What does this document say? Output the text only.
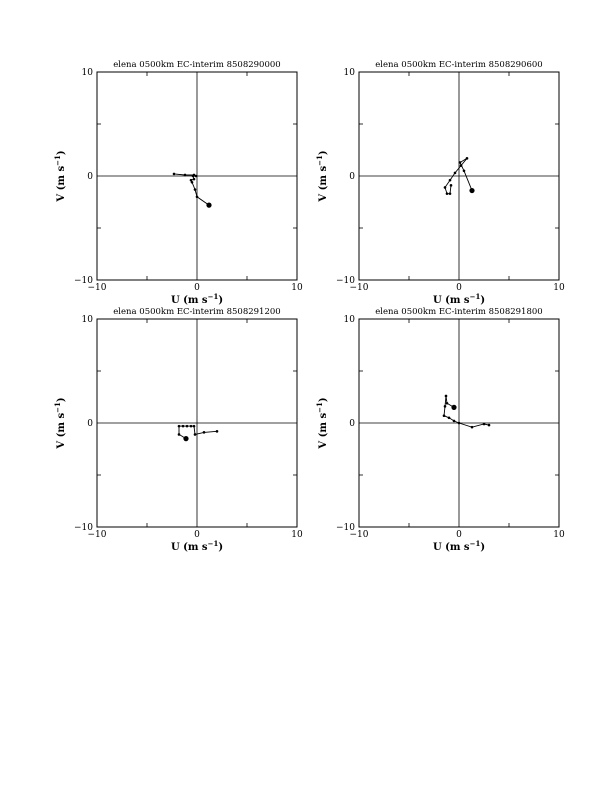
elena 0500km EC-interim 8508290000
−10	0	10
−10
0
10
U (m $s^{-1}$)
V (m $s^{-1}$)
elena 0500km EC-interim 8508290600
−10	0	10
−10
0
10
U (m $s^{-1}$)
V (m $s^{-1}$)
elena 0500km EC-interim 8508291200
−10	0	10
−10
0
10
U (m $s^{-1}$)
V (m $s^{-1}$)
elena 0500km EC-interim 8508291800
−10	0	10
−10
0
10
U (m $s^{-1}$)
V (m $s^{-1}$)
